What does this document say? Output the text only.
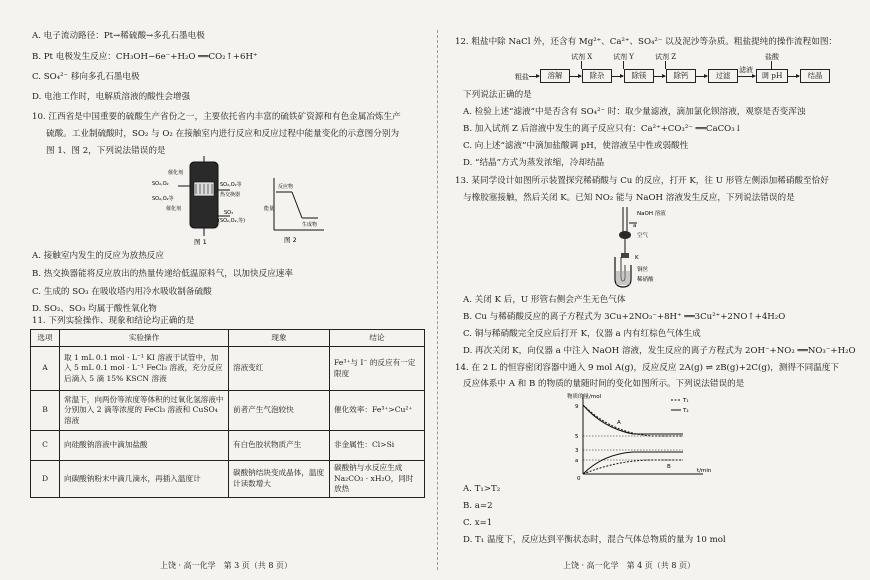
A. 电子流动路径：Pt→稀硫酸→多孔石墨电极
B. Pt 电极发生反应：CH₃OH−6e⁻+H₂O ══CO₂↑+6H⁺
C. SO₄²⁻ 移向多孔石墨电极
D. 电池工作时，电解质溶液的酸性会增强
10. 江西省是中国重要的硫酸生产省份之一，主要依托省内丰富的硫铁矿资源和有色金属冶炼生产
硫酸。工业制硫酸时，SO₂ 与 O₂ 在接触室内进行反应和反应过程中能量变化的示意图分别为
图 1、图 2，下列说法错误的是
催化剂
SO₂,O₂	SO₂,O₂等
热交换器
催化剂
SO₃
(SO₂,O₂,等)
SO₂,O₂等
图 1
反应物
能量
生成物
图 2
A. 接触室内发生的反应为放热反应
B. 热交换器能将反应放出的热量传递给低温原料气，以加快反应速率
C. 生成的 SO₃ 在吸收塔内用冷水吸收制备硫酸
D. SO₂、SO₃ 均属于酸性氧化物
11. 下列实验操作、现象和结论均正确的是
选项	实验操作	现象	结论
A	取 1 mL 0.1 mol · L⁻¹ KI 溶液于试管中，加入 5 mL 0.1 mol · L⁻¹ FeCl₃ 溶液，充分反应后滴入 5 滴 15% KSCN 溶液	溶液变红	Fe³⁺与 I⁻ 的反应有一定限度
B	常温下，向两份等浓度等体积的过氧化氢溶液中分别加入 2 滴等浓度的 FeCl₃ 溶液和 CuSO₄ 溶液	前者产生气泡较快	催化效率：Fe³⁺>Cu²⁺
C	向硅酸钠溶液中滴加盐酸	有白色胶状物质产生	非金属性：Cl>Si
D	向碳酸钠粉末中滴几滴水，再插入温度计	碳酸钠结块变成晶体，温度计读数增大	碳酸钠与水反应生成 Na₂CO₃ · xH₂O，同时放热
上饶 · 高一化学　第 3 页（共 8 页）
12. 粗盐中除 NaCl 外，还含有 Mg²⁺、Ca²⁺、SO₄²⁻ 以及泥沙等杂质。粗盐提纯的操作流程如图：
粗盐	溶解	除杂	除镁	除钙	过滤
滤液
调 pH	结晶
试剂 X	试剂 Y	试剂 Z	盐酸
下列说法正确的是
A. 检验上述“滤液”中是否含有 SO₄²⁻ 时：取少量滤液，滴加氯化钡溶液，观察是否变浑浊
B. 加入试剂 Z 后溶液中发生的离子反应只有：Ca²⁺+CO₃²⁻ ══CaCO₃↓
C. 向上述“滤液”中滴加盐酸调 pH，使溶液呈中性或弱酸性
D. “结晶”方式为蒸发浓缩，冷却结晶
13. 某同学设计如图所示装置探究稀硝酸与 Cu 的反应，打开 K，往 U 形管左侧添加稀硝酸至恰好
与橡胶塞接触，然后关闭 K。已知 NO₂ 能与 NaOH 溶液发生反应，下列说法错误的是
NaOH 溶液
a
空气
K
铜丝
稀硝酸
A. 关闭 K 后，U 形管右侧会产生无色气体
B. Cu 与稀硝酸反应的离子方程式为 3Cu+2NO₃⁻+8H⁺ ══3Cu²⁺+2NO↑+4H₂O
C. 铜与稀硝酸完全反应后打开 K，仪器 a 内有红棕色气体生成
D. 再次关闭 K，向仪器 a 中注入 NaOH 溶液，发生反应的离子方程式为 2OH⁻+NO₂ ══NO₃⁻+H₂O
14. 在 2 L 的恒容密闭容器中通入 9 mol A(g)，反应反应 2A(g) ⇌ zB(g)+2C(g)，测得不同温度下
反应体系中 A 和 B 的物质的量随时间的变化如图所示。下列说法错误的是
物质的量/mol
t/min
9
5
3
a
0
A
B
T₁
T₂
A. T₁>T₂
B. a=2
C. x=1
D. T₁ 温度下，反应达到平衡状态时，混合气体总物质的量为 10 mol
上饶 · 高一化学　第 4 页（共 8 页）
